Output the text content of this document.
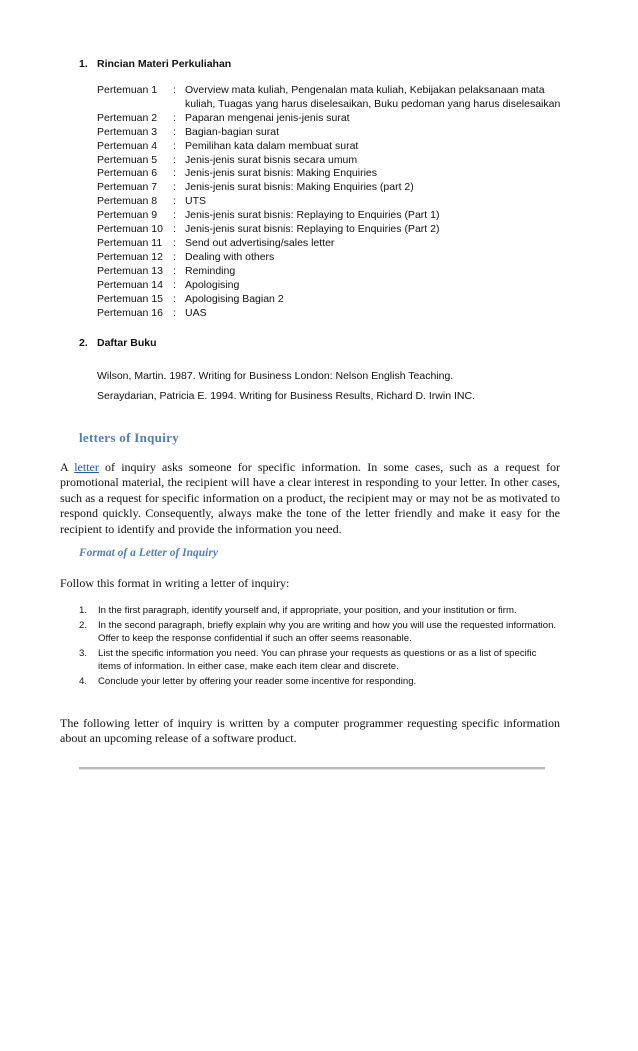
1. Rincian Materi Perkuliahan
Pertemuan 1	: Overview mata kuliah, Pengenalan mata kuliah, Kebijakan pelaksanaan mata kuliah, Tuagas yang harus diselesaikan, Buku pedoman yang harus diselesaikan
Pertemuan 2	: Paparan mengenai jenis-jenis surat
Pertemuan 3	: Bagian-bagian surat
Pertemuan 4	: Pemilihan kata dalam membuat surat
Pertemuan 5	: Jenis-jenis surat bisnis secara umum
Pertemuan 6	: Jenis-jenis surat bisnis: Making Enquiries
Pertemuan 7	: Jenis-jenis surat bisnis: Making Enquiries (part 2)
Pertemuan 8	: UTS
Pertemuan 9	: Jenis-jenis surat bisnis: Replaying to Enquiries (Part 1)
Pertemuan 10 : Jenis-jenis surat bisnis: Replaying to Enquiries (Part 2)
Pertemuan 11	: Send out advertising/sales letter
Pertemuan 12 : Dealing with others
Pertemuan 13 : Reminding
Pertemuan 14 : Apologising
Pertemuan 15 : Apologising Bagian 2
Pertemuan 16 : UAS
2. Daftar Buku
Wilson, Martin. 1987. Writing for Business London: Nelson English Teaching.
Seraydarian, Patricia E. 1994. Writing for Business Results, Richard D. Irwin INC.
letters of Inquiry
A letter of inquiry asks someone for specific information. In some cases, such as a request for promotional material, the recipient will have a clear interest in responding to your letter. In other cases, such as a request for specific information on a product, the recipient may or may not be as motivated to respond quickly. Consequently, always make the tone of the letter friendly and make it easy for the recipient to identify and provide the information you need.
Format of a Letter of Inquiry
Follow this format in writing a letter of inquiry:
1.	In the first paragraph, identify yourself and, if appropriate, your position, and your institution or firm.
2.	In the second paragraph, briefly explain why you are writing and how you will use the requested information. Offer to keep the response confidential if such an offer seems reasonable.
3.	List the specific information you need. You can phrase your requests as questions or as a list of specific items of information. In either case, make each item clear and discrete.
4.	Conclude your letter by offering your reader some incentive for responding.
The following letter of inquiry is written by a computer programmer requesting specific information about an upcoming release of a software product.
